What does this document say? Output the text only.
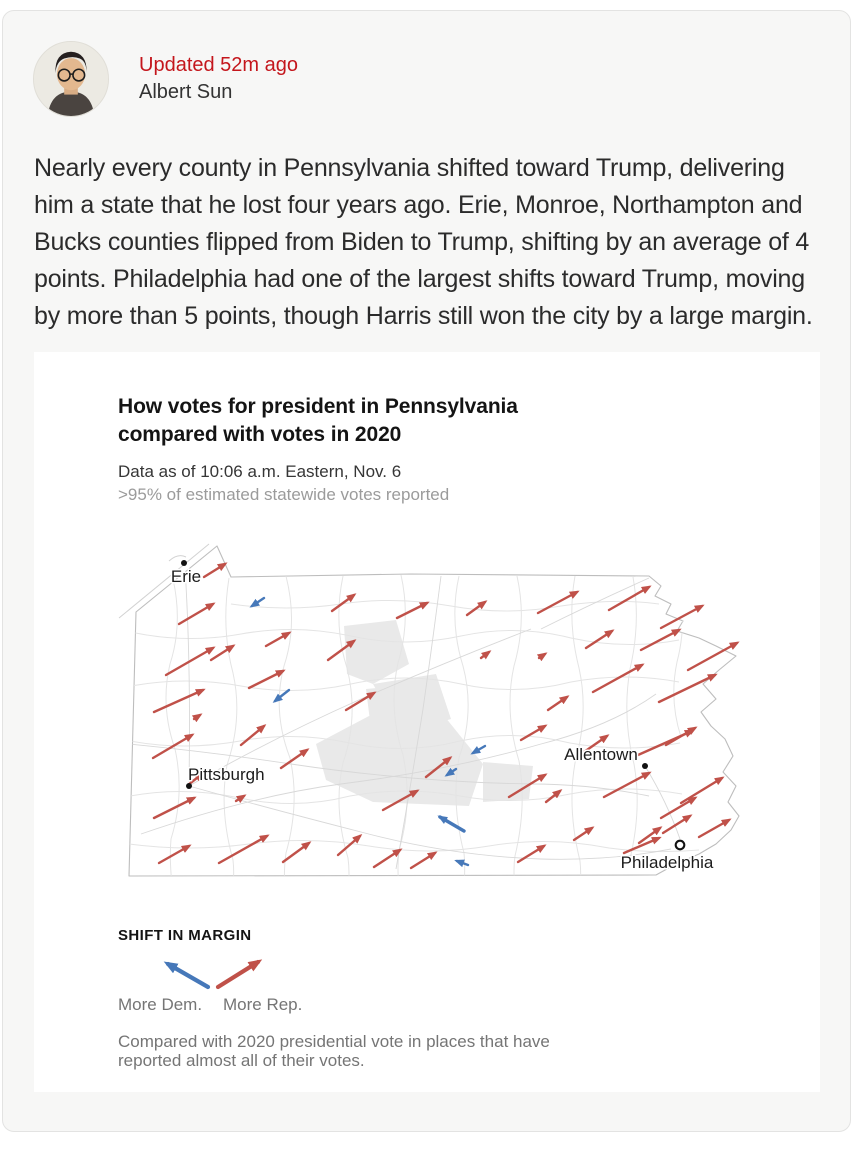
Updated 52m ago
Albert Sun

Nearly every county in Pennsylvania shifted toward Trump, delivering him a state that he lost four years ago. Erie, Monroe, Northampton and Bucks counties flipped from Biden to Trump, shifting by an average of 4 points. Philadelphia had one of the largest shifts toward Trump, moving by more than 5 points, though Harris still won the city by a large margin.

How votes for president in Pennsylvania compared with votes in 2020

Data as of 10:06 a.m. Eastern, Nov. 6

>95% of estimated statewide votes reported

Erie
Pittsburgh
Allentown
Philadelphia
SHIFT IN MARGIN
More Dem. More Rep.

Compared with 2020 presidential vote in places that have reported almost all of their votes.
